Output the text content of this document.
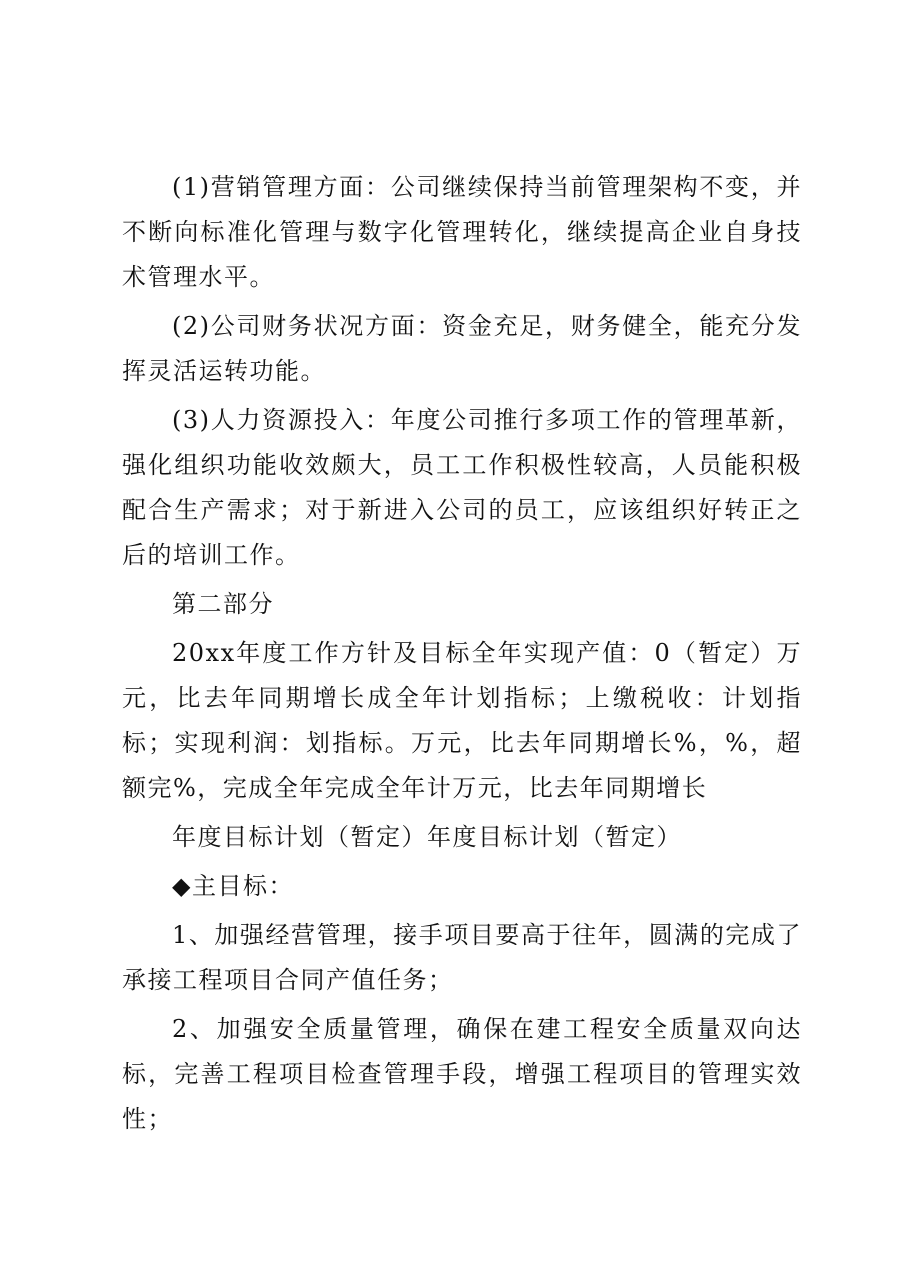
(1)营销管理方面：公司继续保持当前管理架构不变，并不断向标准化管理与数字化管理转化，继续提高企业自身技术管理水平。

(2)公司财务状况方面：资金充足，财务健全，能充分发挥灵活运转功能。

(3)人力资源投入：年度公司推行多项工作的管理革新，强化组织功能收效颇大，员工工作积极性较高，人员能积极配合生产需求；对于新进入公司的员工，应该组织好转正之后的培训工作。

第二部分

20xx年度工作方针及目标全年实现产值：0（暂定）万元，比去年同期增长成全年计划指标；上缴税收：计划指标；实现利润：划指标。万元，比去年同期增长%，%，超额完%，完成全年完成全年计万元，比去年同期增长

年度目标计划（暂定）年度目标计划（暂定）

◆主目标：

1、加强经营管理，接手项目要高于往年，圆满的完成了承接工程项目合同产值任务；

2、加强安全质量管理，确保在建工程安全质量双向达标，完善工程项目检查管理手段，增强工程项目的管理实效性；
